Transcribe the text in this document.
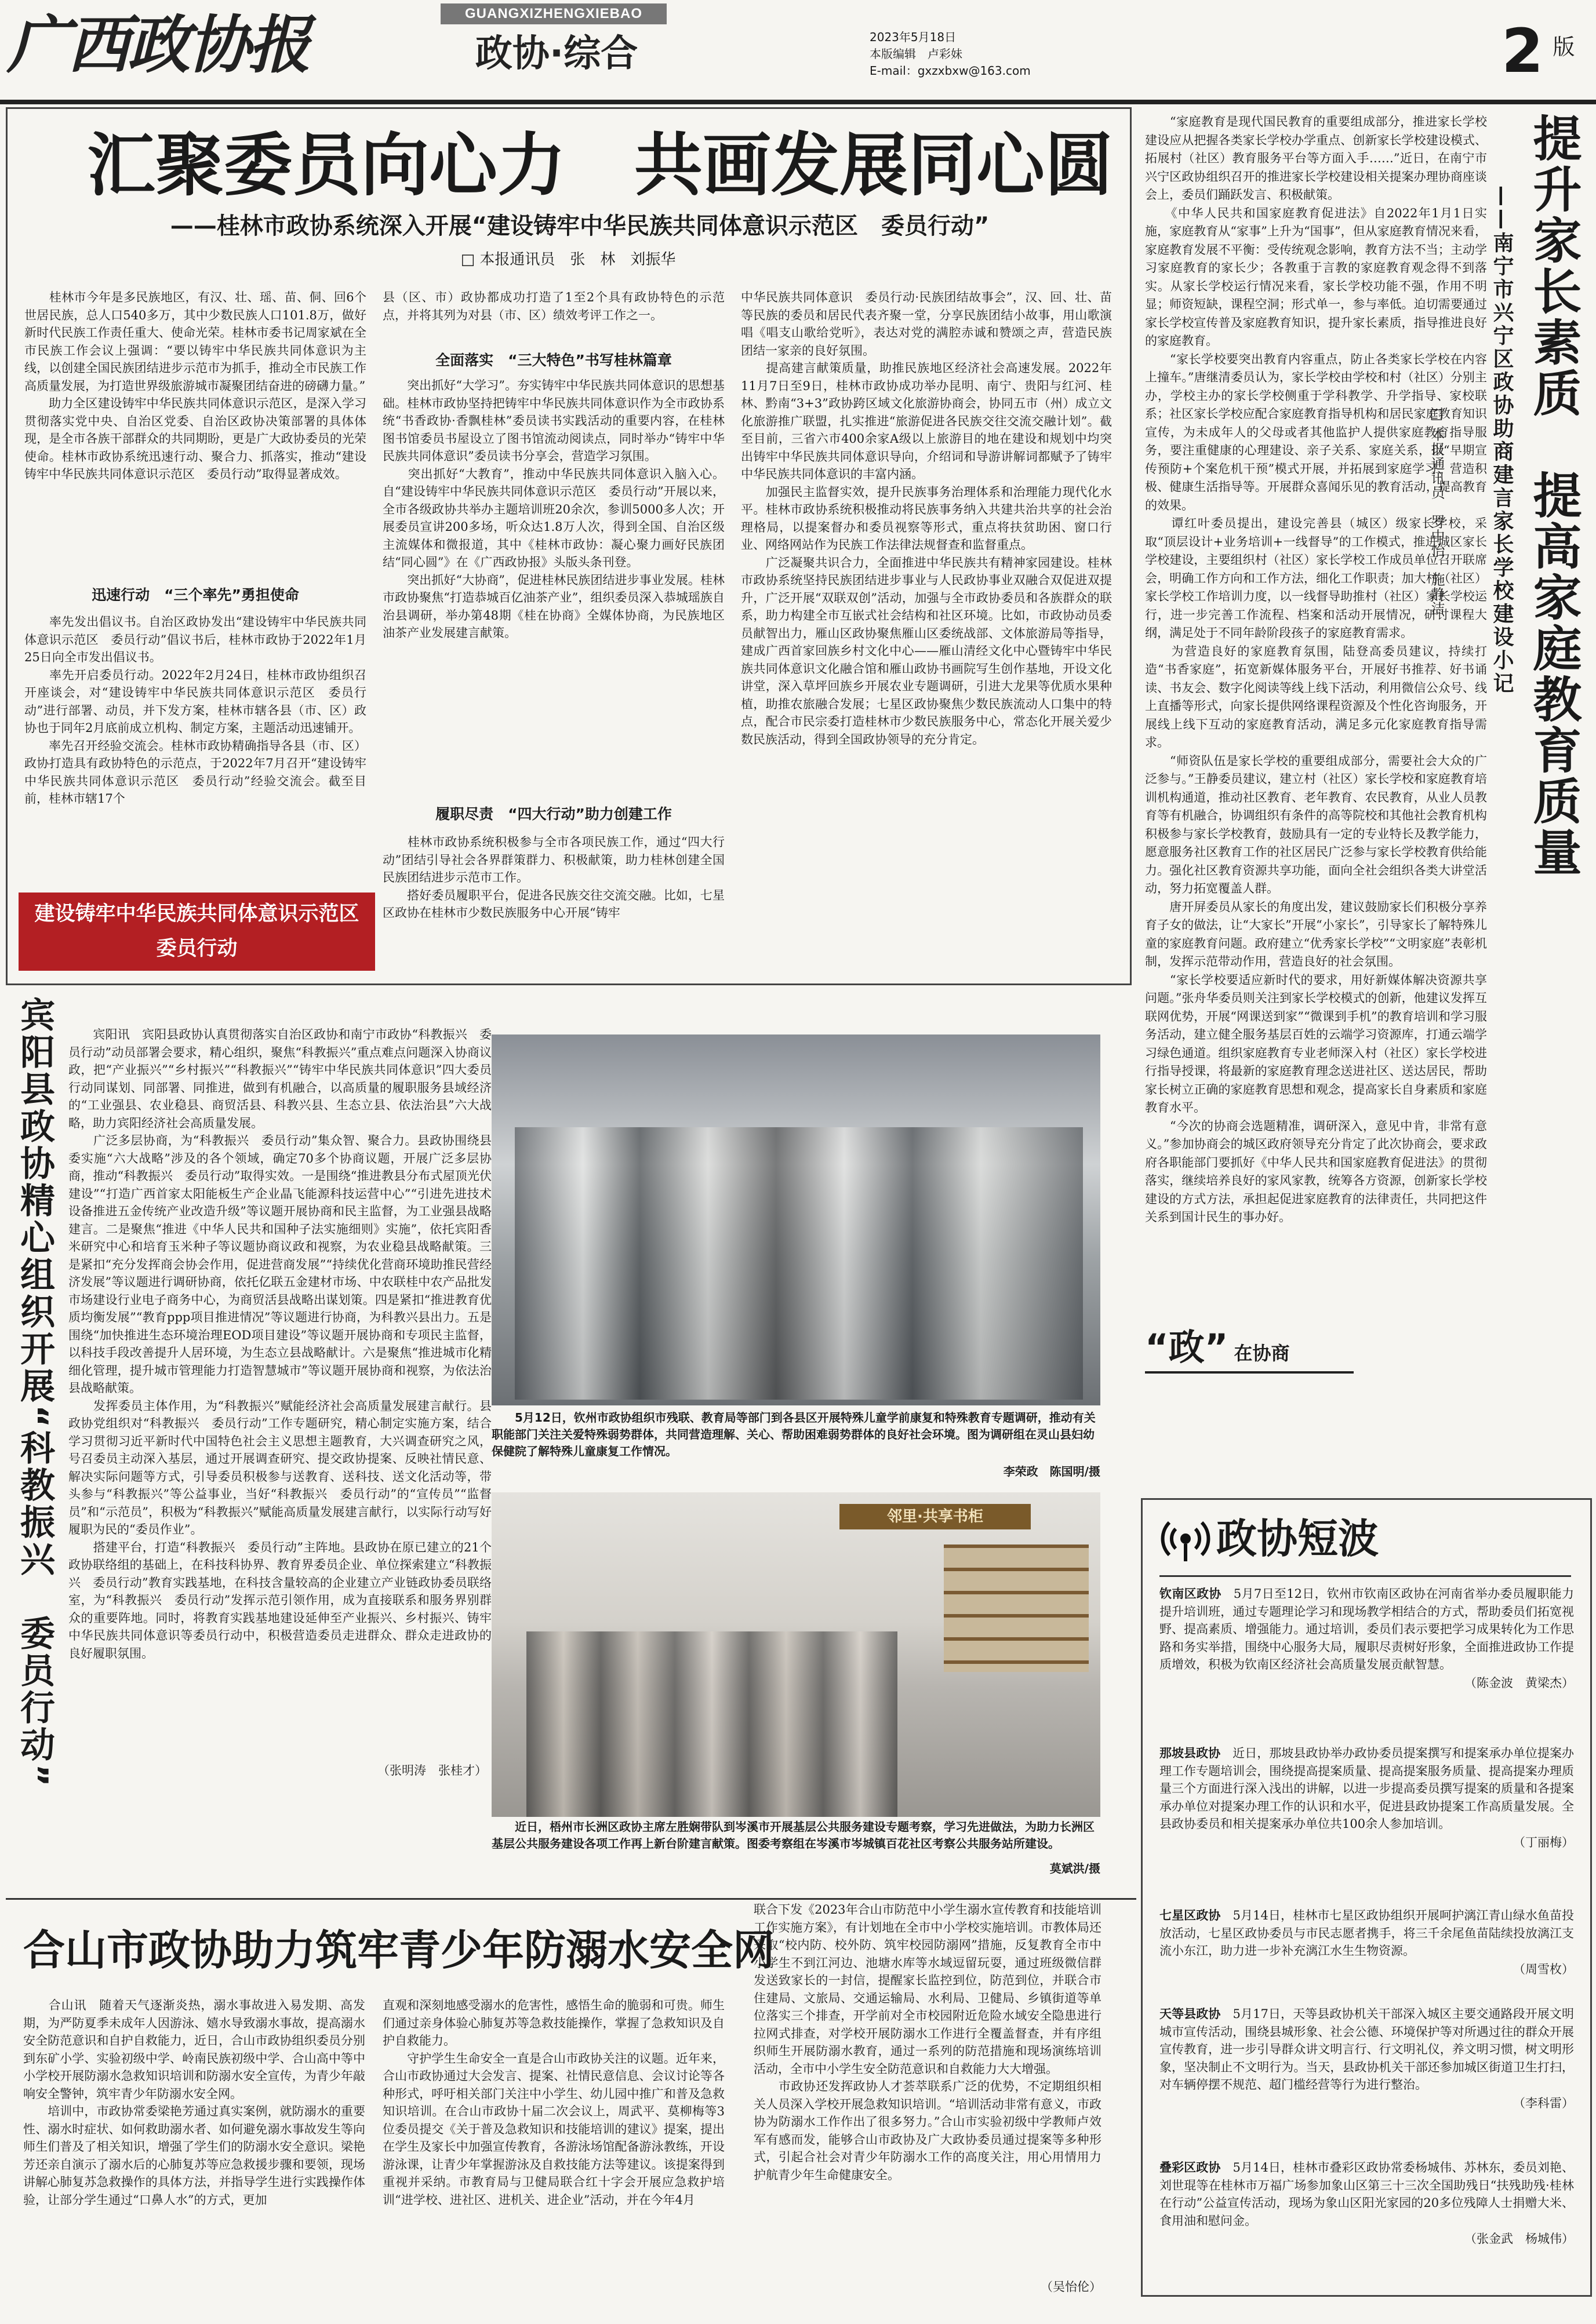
广西政协报	GUANGXIZHENGXIEBAO
政协·综合	2023年5月18日
本版编辑　卢彩妹
E-mail：gxzxbxw@163.com	2 版
汇聚委员向心力　共画发展同心圆
——桂林市政协系统深入开展“建设铸牢中华民族共同体意识示范区　委员行动”
□ 本报通讯员　张　林　刘振华
　　桂林市今年是多民族地区，有汉、壮、瑶、苗、侗、回6个世居民族，总人口540多万，其中少数民族人口101.8万，做好新时代民族工作责任重大、使命光荣。桂林市委书记周家斌在全市民族工作会议上强调：“要以铸牢中华民族共同体意识为主线，以创建全国民族团结进步示范市为抓手，推动全市民族工作高质量发展，为打造世界级旅游城市凝聚团结奋进的磅礴力量。”
　　助力全区建设铸牢中华民族共同体意识示范区，是深入学习贯彻落实党中央、自治区党委、自治区政协决策部署的具体体现，是全市各族干部群众的共同期盼，更是广大政协委员的光荣使命。桂林市政协系统迅速行动、聚合力、抓落实，推动“建设铸牢中华民族共同体意识示范区　委员行动”取得显著成效。
迅速行动　“三个率先”勇担使命
　　率先发出倡议书。自治区政协发出“建设铸牢中华民族共同体意识示范区　委员行动”倡议书后，桂林市政协于2022年1月25日向全市发出倡议书。
　　率先开启委员行动。2022年2月24日，桂林市政协组织召开座谈会，对“建设铸牢中华民族共同体意识示范区　委员行动”进行部署、动员，并下发方案，桂林市辖各县（市、区）政协也于同年2月底前成立机构、制定方案，主题活动迅速铺开。
　　率先召开经验交流会。桂林市政协精确指导各县（市、区）政协打造具有政协特色的示范点，于2022年7月召开“建设铸牢中华民族共同体意识示范区　委员行动”经验交流会。截至目前，桂林市辖17个
建设铸牢中华民族共同体意识示范区
委员行动
县（区、市）政协都成功打造了1至2个具有政协特色的示范点，并将其列为对县（市、区）绩效考评工作之一。
全面落实　“三大特色”书写桂林篇章
　　突出抓好“大学习”。夯实铸牢中华民族共同体意识的思想基础。桂林市政协坚持把铸牢中华民族共同体意识作为全市政协系统“书香政协·香飘桂林”委员读书实践活动的重要内容，在桂林图书馆委员书屋设立了图书馆流动阅读点，同时举办“铸牢中华民族共同体意识”委员读书分享会，营造学习氛围。
　　突出抓好“大教育”，推动中华民族共同体意识入脑入心。自“建设铸牢中华民族共同体意识示范区　委员行动”开展以来，全市各级政协共举办主题培训班20余次，参训5000多人次；开展委员宣讲200多场，听众达1.8万人次，得到全国、自治区级主流媒体和微报道，其中《桂林市政协：凝心聚力画好民族团结“同心圆”》在《广西政协报》头版头条刊登。
　　突出抓好“大协商”，促进桂林民族团结进步事业发展。桂林市政协聚焦“打造恭城百亿油茶产业”，组织委员深入恭城瑶族自治县调研，举办第48期《桂在协商》全媒体协商，为民族地区油茶产业发展建言献策。
履职尽责　“四大行动”助力创建工作
　　桂林市政协系统积极参与全市各项民族工作，通过“四大行动”团结引导社会各界群策群力、积极献策，助力桂林创建全国民族团结进步示范市工作。
　　搭好委员履职平台，促进各民族交往交流交融。比如，七星区政协在桂林市少数民族服务中心开展“铸牢
中华民族共同体意识　委员行动·民族团结故事会”，汉、回、壮、苗等民族的委员和居民代表齐聚一堂，分享民族团结小故事，用山歌演唱《唱支山歌给党听》，表达对党的满腔赤诚和赞颂之声，营造民族团结一家亲的良好氛围。
　　提高建言献策质量，助推民族地区经济社会高速发展。2022年11月7日至9日，桂林市政协成功举办昆明、南宁、贵阳与红河、桂林、黔南“3+3”政协跨区域文化旅游协商会，协同五市（州）成立文化旅游推广联盟，扎实推进“旅游促进各民族交往交流交融计划”。截至目前，三省六市400余家A级以上旅游目的地在建设和规划中均突出铸牢中华民族共同体意识导向，介绍词和导游讲解词都赋予了铸牢中华民族共同体意识的丰富内涵。
　　加强民主监督实效，提升民族事务治理体系和治理能力现代化水平。桂林市政协系统积极推动将民族事务纳入共建共治共享的社会治理格局，以提案督办和委员视察等形式，重点将扶贫助困、窗口行业、网络网站作为民族工作法律法规督查和监督重点。
　　广泛凝聚共识合力，全面推进中华民族共有精神家园建设。桂林市政协系统坚持民族团结进步事业与人民政协事业双融合双促进双提升，广泛开展“双联双创”活动，加强与全市政协委员和各族群众的联系，助力构建全市互嵌式社会结构和社区环境。比如，市政协动员委员献智出力，雁山区政协聚焦雁山区委统战部、文体旅游局等指导，建成广西首家回族乡村文化中心——雁山清经文化中心暨铸牢中华民族共同体意识文化融合馆和雁山政协书画院写生创作基地，开设文化讲堂，深入草坪回族乡开展农业专题调研，引进大龙果等优质水果种植，助推农旅融合发展；七星区政协聚焦少数民族流动人口集中的特点，配合市民宗委打造桂林市少数民族服务中心，常态化开展关爱少数民族活动，得到全国政协领导的充分肯定。
　　“家庭教育是现代国民教育的重要组成部分，推进家长学校建设应从把握各类家长学校办学重点、创新家长学校建设模式、拓展村（社区）教育服务平台等方面入手……”近日，在南宁市兴宁区政协组织召开的推进家长学校建设相关提案办理协商座谈会上，委员们踊跃发言、积极献策。
　　《中华人民共和国家庭教育促进法》自2022年1月1日实施，家庭教育从“家事”上升为“国事”，但从家庭教育情况来看，家庭教育发展不平衡：受传统观念影响，教育方法不当；主动学习家庭教育的家长少；各教重于言教的家庭教育观念得不到落实。从家长学校运行情况来看，家长学校功能不强，作用不明显；师资短缺，课程空洞；形式单一，参与率低。迫切需要通过家长学校宣传普及家庭教育知识，提升家长素质，指导推进良好的家庭教育。
　　“家长学校要突出教育内容重点，防止各类家长学校在内容上撞车。”唐继清委员认为，家长学校由学校和村（社区）分别主办，学校主办的家长学校侧重于学科教学、升学指导、家校联系；社区家长学校应配合家庭教育指导机构和居民家庭教育知识宣传，为未成年人的父母或者其他监护人提供家庭教育指导服务，要注重健康的心理建设、亲子关系、家庭关系，以“早期宣传预防+个案危机干预”模式开展，并拓展到家庭学习、营造积极、健康生活指导等。开展群众喜闻乐见的教育活动，提高教育的效果。
　　谭红叶委员提出，建设完善县（城区）级家长学校，采取“顶层设计+业务培训+一线督导”的工作模式，推进城区家长学校建设，主要组织村（社区）家长学校工作成员单位召开联席会，明确工作方向和工作方法，细化工作职责；加大村（社区）家长学校工作培训力度，以一线督导助推村（社区）家长学校运行，进一步完善工作流程、档案和活动开展情况，研讨课程大纲，满足处于不同年龄阶段孩子的家庭教育需求。
　　为营造良好的家庭教育氛围，陆登高委员建议，持续打造“书香家庭”，拓宽新媒体服务平台，开展好书推荐、好书诵读、书友会、数字化阅读等线上线下活动，利用微信公众号、线上直播等形式，向家长提供网络课程资源及个性化咨询服务，开展线上线下互动的家庭教育活动，满足多元化家庭教育指导需求。
　　“师资队伍是家长学校的重要组成部分，需要社会大众的广泛参与。”王静委员建议，建立村（社区）家长学校和家庭教育培训机构通道，推动社区教育、老年教育、农民教育，从业人员教育等有机融合，协调组织有条件的高等院校和其他社会教育机构积极参与家长学校教育，鼓励具有一定的专业特长及教学能力，愿意服务社区教育工作的社区居民广泛参与家长学校教育供给能力。强化社区教育资源共享功能，面向全社会组织各类大讲堂活动，努力拓宽覆盖人群。
　　唐开屏委员从家长的角度出发，建议鼓励家长们积极分享养育子女的做法，让“大家长”开展“小家长”，引导家长了解特殊儿童的家庭教育问题。政府建立“优秀家长学校”“文明家庭”表彰机制，发挥示范带动作用，营造良好的社会氛围。
　　“家长学校要适应新时代的要求，用好新媒体解决资源共享问题。”张舟华委员则关注到家长学校模式的创新，他建议发挥互联网优势，开展“网课送到家”“微课到手机”的教育培训和学习服务活动，建立健全服务基层百姓的云端学习资源库，打通云端学习绿色通道。组织家庭教育专业老师深入村（社区）家长学校进行指导授课，将最新的家庭教育理念送进社区、送达居民，帮助家长树立正确的家庭教育思想和观念，提高家长自身素质和家庭教育水平。
　　“今次的协商会选题精准，调研深入，意见中肯，非常有意义。”参加协商会的城区政府领导充分肯定了此次协商会，要求政府各职能部门要抓好《中华人民共和国家庭教育促进法》的贯彻落实，继续培养良好的家风家教，统筹各方资源，创新家长学校建设的方式方法，承担起促进家庭教育的法律责任，共同把这件关系到国计民生的事办好。
提升家长素质　提高家庭教育质量
——南宁市兴宁区政协助商建言家长学校建设小记
□ 本报通讯员　罗中怡　施静洁
“政” 在协商
宾阳县政协精心组织开展“科教振兴　委员行动”	　　宾阳讯　宾阳县政协认真贯彻落实自治区政协和南宁市政协“科教振兴　委员行动”动员部署会要求，精心组织，聚焦“科教振兴”重点难点问题深入协商议政，把“产业振兴”“乡村振兴”“科教振兴”“铸牢中华民族共同体意识”四大委员行动同谋划、同部署、同推进，做到有机融合，以高质量的履职服务县域经济的“工业强县、农业稳县、商贸活县、科教兴县、生态立县、依法治县”六大战略，助力宾阳经济社会高质量发展。
　　广泛多层协商，为“科教振兴　委员行动”集众智、聚合力。县政协围绕县委实施“六大战略”涉及的各个领域，确定70多个协商议题，开展广泛多层协商，推动“科教振兴　委员行动”取得实效。一是围绕“推进教县分布式屋顶光伏建设”“打造广西首家太阳能板生产企业晶飞能源科技运营中心”“引进先进技术设备推进五金传统产业改造升级”等议题开展协商和民主监督，为工业强县战略建言。二是聚焦“推进《中华人民共和国种子法实施细则》实施”，依托宾阳香米研究中心和培育玉米种子等议题协商议政和视察，为农业稳县战略献策。三是紧扣“充分发挥商会协会作用，促进营商发展”“持续优化营商环境助推民营经济发展”等议题进行调研协商，依托亿联五金建材市场、中农联桂中农产品批发市场建设行业电子商务中心，为商贸活县战略出谋划策。四是紧扣“推进教育优质均衡发展”“教育ppp项目推进情况”等议题进行协商，为科教兴县出力。五是围绕“加快推进生态环境治理EOD项目建设”等议题开展协商和专项民主监督，以科技手段改善提升人居环境，为生态立县战略献计。六是聚焦“推进城市化精细化管理，提升城市管理能力打造智慧城市”等议题开展协商和视察，为依法治县战略献策。
　　发挥委员主体作用，为“科教振兴”赋能经济社会高质量发展建言献行。县政协党组织对“科教振兴　委员行动”工作专题研究，精心制定实施方案，结合学习贯彻习近平新时代中国特色社会主义思想主题教育，大兴调查研究之风，号召委员主动深入基层，通过开展调查研究、提交政协提案、反映社情民意、解决实际问题等方式，引导委员积极参与送教育、送科技、送文化活动等，带头参与“科教振兴”等公益事业，当好“科教振兴　委员行动”的“宣传员”“监督员”和“示范员”，积极为“科教振兴”赋能高质量发展建言献行，以实际行动写好履职为民的“委员作业”。
　　搭建平台，打造“科教振兴　委员行动”主阵地。县政协在原已建立的21个政协联络组的基础上，在科技科协界、教育界委员企业、单位探索建立“科教振兴　委员行动”教育实践基地，在科技含量较高的企业建立产业链政协委员联络室，为“科教振兴　委员行动”发挥示范引领作用，成为直接联系和服务界别群众的重要阵地。同时，将教育实践基地建设延伸至产业振兴、乡村振兴、铸牢中华民族共同体意识等委员行动中，积极营造委员走进群众、群众走进政协的良好履职氛围。
（张明涛　张桂才）
　　5月12日，钦州市政协组织市残联、教育局等部门到各县区开展特殊儿童学前康复和特殊教育专题调研，推动有关职能部门关注关爱特殊弱势群体，共同营造理解、关心、帮助困难弱势群体的良好社会环境。图为调研组在灵山县妇幼保健院了解特殊儿童康复工作情况。
李荣政　陈国明/摄
邻里·共享书柜
　　近日，梧州市长洲区政协主席左胜娴带队到岑溪市开展基层公共服务建设专题考察，学习先进做法，为助力长洲区基层公共服务建设各项工作再上新台阶建言献策。图委考察组在岑溪市岑城镇百花社区考察公共服务站所建设。
莫斌洪/摄
合山市政协助力筑牢青少年防溺水安全网
　　合山讯　随着天气逐渐炎热，溺水事故进入易发期、高发期，为严防夏季未成年人因游泳、嬉水导致溺水事故，提高溺水安全防范意识和自护自救能力，近日，合山市政协组织委员分别到东矿小学、实验初级中学、岭南民族初级中学、合山高中等中小学校开展防溺水急救知识培训和防溺水安全宣传，为青少年敲响安全警钟，筑牢青少年防溺水安全网。
　　培训中，市政协常委梁艳芳通过真实案例，就防溺水的重要性、溺水时症状、如何救助溺水者、如何避免溺水事故发生等向师生们普及了相关知识，增强了学生们的防溺水安全意识。梁艳芳还亲自演示了溺水后的心肺复苏等应急救援步骤和要领，现场讲解心肺复苏急救操作的具体方法，并指导学生进行实践操作体验，让部分学生通过“口鼻人水”的方式，更加
直观和深刻地感受溺水的危害性，感悟生命的脆弱和可贵。师生们通过亲身体验心肺复苏等急救技能操作，掌握了急救知识及自护自救能力。
　　守护学生生命安全一直是合山市政协关注的议题。近年来，合山市政协通过大会发言、提案、社情民意信息、会议讨论等各种形式，呼吁相关部门关注中小学生、幼儿园中推广和普及急救知识培训。在合山市政协十届二次会议上，周武平、莫柳梅等3位委员提交《关于普及急救知识和技能培训的建议》提案，提出在学生及家长中加强宣传教育，各游泳场馆配备游泳教练，开设游泳课，让青少年掌握游泳及自救技能方法等建议。该提案得到重视并采纳。市教育局与卫健局联合红十字会开展应急救护培训“进学校、进社区、进机关、进企业”活动，并在今年4月
联合下发《2023年合山市防范中小学生溺水宣传教育和技能培训工作实施方案》，有计划地在全市中小学校实施培训。市教体局还采取“校内防、校外防、筑牢校园防溺网”措施，反复教育全市中小学生不到江河边、池塘水库等水域逗留玩耍，通过班级微信群发送致家长的一封信，提醒家长监控到位，防范到位，并联合市住建局、文旅局、交通运输局、水利局、卫健局、乡镇街道等单位落实三个排查，开学前对全市校园附近危险水域安全隐患进行拉网式排查，对学校开展防溺水工作进行全覆盖督查，并有序组织师生开展防溺水教育，通过一系列的防范措施和现场演练培训活动，全市中小学生安全防范意识和自救能力大大增强。
　　市政协还发挥政协人才荟萃联系广泛的优势，不定期组织相关人员深入学校开展急救知识培训。“培训活动非常有意义，市政协为防溺水工作作出了很多努力。”合山市实验初级中学教师卢效军有感而发，能够合山市政协及广大政协委员通过提案等多种形式，引起合社会对青少年防溺水工作的高度关注，用心用情用力护航青少年生命健康安全。
（吴怡伦）
政协短波
钦南区政协　5月7日至12日，钦州市钦南区政协在河南省举办委员履职能力提升培训班，通过专题理论学习和现场教学相结合的方式，帮助委员们拓宽视野、提高素质、增强能力。通过培训，委员们表示要把学习成果转化为工作思路和务实举措，围绕中心服务大局，履职尽责树好形象，全面推进政协工作提质增效，积极为钦南区经济社会高质量发展贡献智慧。
（陈金波　黄梁杰）
那坡县政协　近日，那坡县政协举办政协委员提案撰写和提案承办单位提案办理工作专题培训会，围绕提高提案质量、提高提案服务质量、提高提案办理质量三个方面进行深入浅出的讲解，以进一步提高委员撰写提案的质量和各提案承办单位对提案办理工作的认识和水平，促进县政协提案工作高质量发展。全县政协委员和相关提案承办单位共100余人参加培训。
（丁丽梅）
七星区政协　5月14日，桂林市七星区政协组织开展呵护漓江青山绿水鱼苗投放活动，七星区政协委员与市民志愿者携手，将三千余尾鱼苗陆续投放漓江支流小东江，助力进一步补充漓江水生生物资源。
（周雪枚）
天等县政协　5月17日，天等县政协机关干部深入城区主要交通路段开展文明城市宣传活动，围绕县城形象、社会公德、环境保护等对所遇过往的群众开展宣传教育，进一步引导群众讲文明言行、行文明礼仪，养文明习惯，树文明形象，坚决制止不文明行为。当天，县政协机关干部还参加城区街道卫生打扫，对车辆停摆不规范、超门槛经营等行为进行整治。
（李科雷）
叠彩区政协　5月14日，桂林市叠彩区政协常委杨城伟、苏林东，委员刘艳、刘世琨等在桂林市万福广场参加象山区第三十三次全国助残日“扶残助残·桂林在行动”公益宣传活动，现场为象山区阳光家园的20多位残障人士捐赠大米、食用油和慰问金。
（张金武　杨城伟）
